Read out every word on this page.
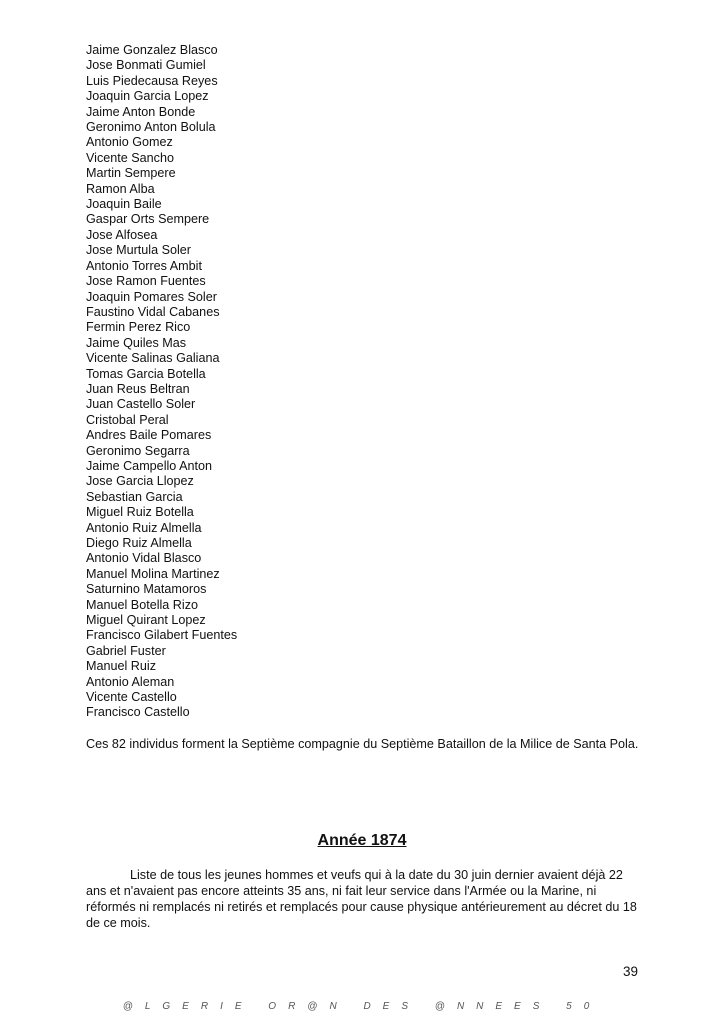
Jaime Gonzalez Blasco
Jose Bonmati Gumiel
Luis Piedecausa Reyes
Joaquin Garcia Lopez
Jaime Anton Bonde
Geronimo Anton Bolula
Antonio Gomez
Vicente Sancho
Martin Sempere
Ramon Alba
Joaquin Baile
Gaspar Orts Sempere
Jose Alfosea
Jose Murtula Soler
Antonio Torres Ambit
Jose Ramon Fuentes
Joaquin Pomares Soler
Faustino Vidal Cabanes
Fermin Perez Rico
Jaime Quiles Mas
Vicente Salinas Galiana
Tomas Garcia Botella
Juan Reus Beltran
Juan Castello Soler
Cristobal Peral
Andres Baile Pomares
Geronimo Segarra
Jaime Campello Anton
Jose Garcia Llopez
Sebastian Garcia
Miguel Ruiz Botella
Antonio Ruiz Almella
Diego Ruiz Almella
Antonio Vidal Blasco
Manuel Molina Martinez
Saturnino Matamoros
Manuel Botella Rizo
Miguel Quirant Lopez
Francisco Gilabert Fuentes
Gabriel Fuster
Manuel Ruiz
Antonio Aleman
Vicente Castello
Francisco Castello

Ces 82 individus forment la Septième compagnie du Septième Bataillon de la Milice de Santa Pola.

Année 1874

Liste de tous les jeunes hommes et veufs qui à la date du 30 juin dernier avaient déjà 22 ans et n'avaient pas encore atteints 35 ans, ni fait leur service dans l'Armée ou la Marine, ni réformés ni remplacés ni retirés et remplacés pour cause physique antérieurement au décret du 18 de ce mois.

39
@LGERIE OR@N DES @NNEES 50
